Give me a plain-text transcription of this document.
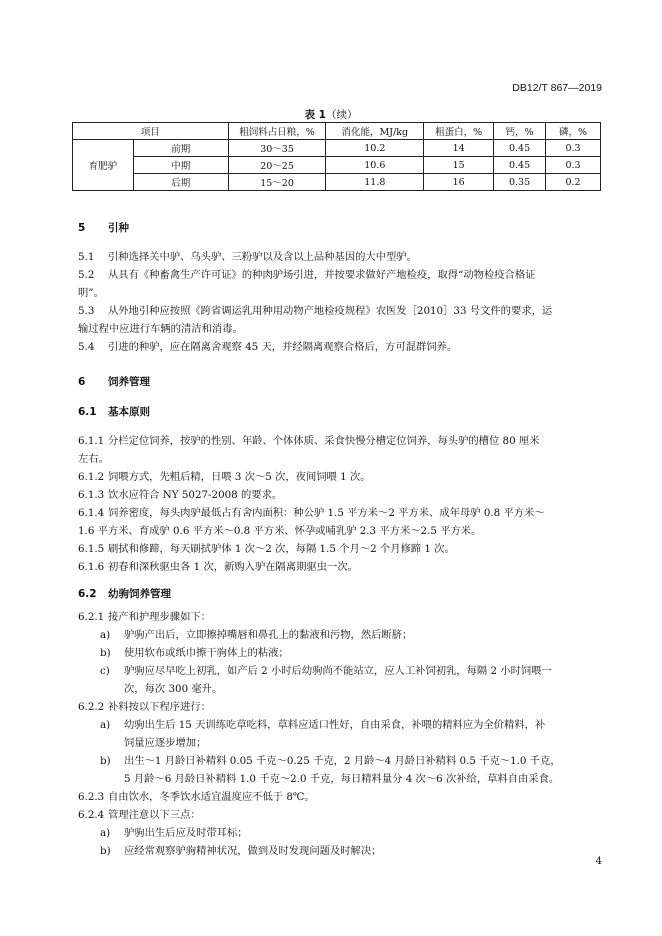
DB12/T 867—2019
表 1（续）
项目		粗饲料占日粮，%	消化能，MJ/kg	粗蛋白，%	钙，%	磷，%
育肥驴	前期	30～35	10.2	14	0.45	0.3
	中期	20～25	10.6	15	0.45	0.3
	后期	15～20	11.8	16	0.35	0.2
5 引种
5.1 引种选择关中驴、乌头驴、三粉驴以及含以上品种基因的大中型驴。
5.2 从具有《种畜禽生产许可证》的种肉驴场引进，并按要求做好产地检疫，取得“动物检疫合格证
明”。
5.3 从外地引种应按照《跨省调运乳用种用动物产地检疫规程》农医发［2010］33 号文件的要求，运
输过程中应进行车辆的清洁和消毒。
5.4 引进的种驴，应在隔离舍观察 45 天，并经隔离观察合格后，方可混群饲养。
6 饲养管理
6.1 基本原则
6.1.1 分栏定位饲养，按驴的性别、年龄、个体体质、采食快慢分槽定位饲养，每头驴的槽位 80 厘米
左右。
6.1.2 饲喂方式，先粗后精，日喂 3 次～5 次，夜间饲喂 1 次。
6.1.3 饮水应符合 NY 5027-2008 的要求。
6.1.4 饲养密度，每头肉驴最低占有舍内面积：种公驴 1.5 平方米～2 平方米、成年母驴 0.8 平方米～
1.6 平方米、育成驴 0.6 平方米～0.8 平方米、怀孕或哺乳驴 2.3 平方米～2.5 平方米。
6.1.5 刷拭和修蹄，每天刷拭驴体 1 次～2 次，每隔 1.5 个月～2 个月修蹄 1 次。
6.1.6 初春和深秋驱虫各 1 次，新购入驴在隔离期驱虫一次。
6.2 幼驹饲养管理
6.2.1 接产和护理步骤如下：
a) 驴驹产出后，立即擦掉嘴唇和鼻孔上的黏液和污物，然后断脐；
b) 使用软布或纸巾擦干驹体上的粘液；
c) 驴驹应尽早吃上初乳，如产后 2 小时后幼驹尚不能站立，应人工补饲初乳，每隔 2 小时饲喂一
次，每次 300 毫升。
6.2.2 补料按以下程序进行：
a) 幼驹出生后 15 天训练吃草吃料，草料应适口性好，自由采食，补喂的精料应为全价精料，补
饲量应逐步增加；
b) 出生～1 月龄日补精料 0.05 千克～0.25 千克，2 月龄～4 月龄日补精料 0.5 千克～1.0 千克，
5 月龄～6 月龄日补精料 1.0 千克～2.0 千克，每日精料量分 4 次～6 次补给，草料自由采食。
6.2.3 自由饮水，冬季饮水适宜温度应不低于 8℃。
6.2.4 管理注意以下三点：
a) 驴驹出生后应及时带耳标；
b) 应经常观察驴驹精神状况，做到及时发现问题及时解决；
4
